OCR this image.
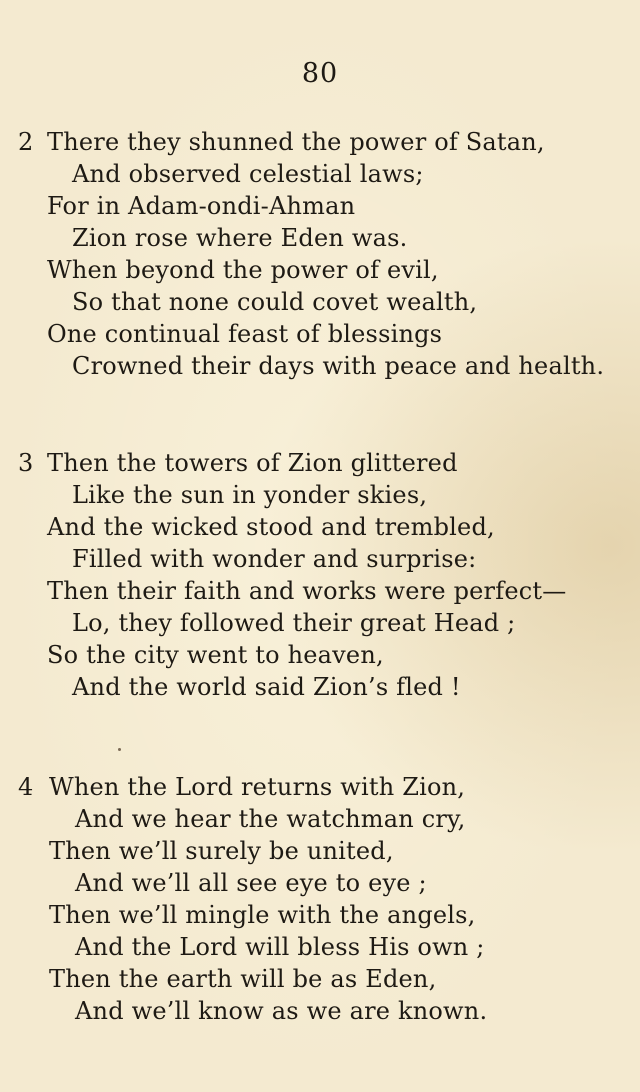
80
2 There they shunned the power of Satan,
And observed celestial laws;
For in Adam-ondi-Ahman
Zion rose where Eden was.
When beyond the power of evil,
So that none could covet wealth,
One continual feast of blessings
Crowned their days with peace and health.
3 Then the towers of Zion glittered
Like the sun in yonder skies,
And the wicked stood and trembled,
Filled with wonder and surprise:
Then their faith and works were perfect—
Lo, they followed their great Head ;
So the city went to heaven,
And the world said Zion’s fled !
4 When the Lord returns with Zion,
And we hear the watchman cry,
Then we’ll surely be united,
And we’ll all see eye to eye ;
Then we’ll mingle with the angels,
And the Lord will bless His own ;
Then the earth will be as Eden,
And we’ll know as we are known.
